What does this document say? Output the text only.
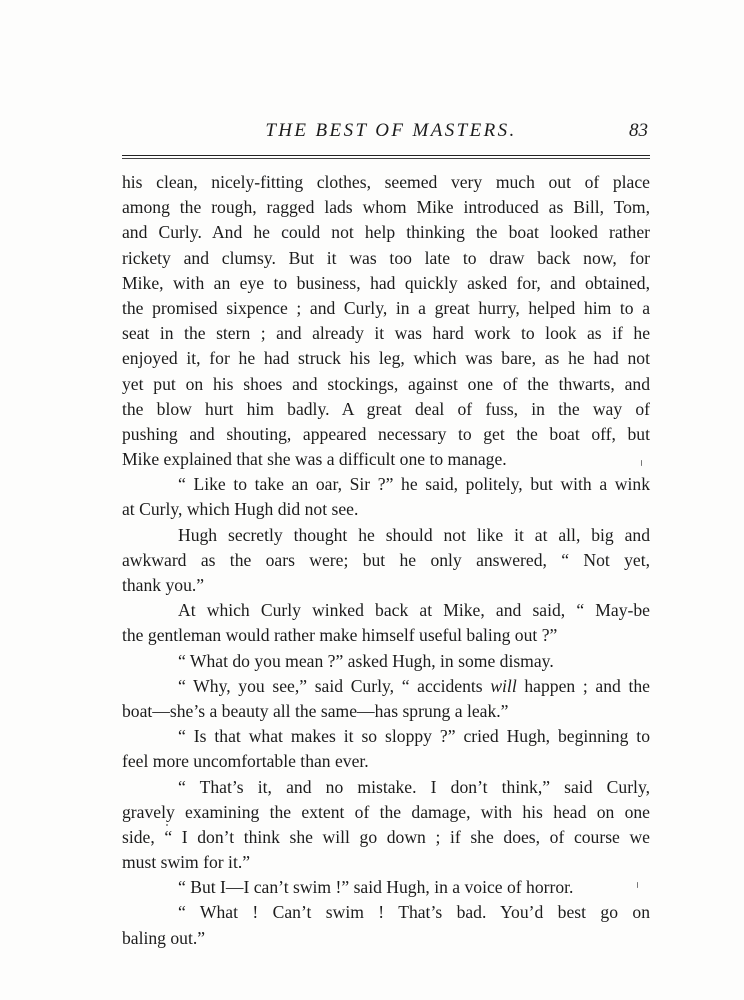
THE BEST OF MASTERS.	83
his clean, nicely-fitting clothes, seemed very much out of place
among the rough, ragged lads whom Mike introduced as Bill, Tom,
and Curly. And he could not help thinking the boat looked rather
rickety and clumsy. But it was too late to draw back now, for
Mike, with an eye to business, had quickly asked for, and obtained,
the promised sixpence ; and Curly, in a great hurry, helped him to a
seat in the stern ; and already it was hard work to look as if he
enjoyed it, for he had struck his leg, which was bare, as he had not
yet put on his shoes and stockings, against one of the thwarts, and
the blow hurt him badly. A great deal of fuss, in the way of
pushing and shouting, appeared necessary to get the boat off, but
Mike explained that she was a difficult one to manage.
“ Like to take an oar, Sir ?” he said, politely, but with a wink
at Curly, which Hugh did not see.
Hugh secretly thought he should not like it at all, big and
awkward as the oars were; but he only answered, “ Not yet,
thank you.”
At which Curly winked back at Mike, and said, “ May-be
the gentleman would rather make himself useful baling out ?”
“ What do you mean ?” asked Hugh, in some dismay.
“ Why, you see,” said Curly, “ accidents will happen ; and the
boat—she’s a beauty all the same—has sprung a leak.”
“ Is that what makes it so sloppy ?” cried Hugh, beginning to
feel more uncomfortable than ever.
“ That’s it, and no mistake. I don’t think,” said Curly,
gravely examining the extent of the damage, with his head on one
side, “ I don’t think she will go down ; if she does, of course we
must swim for it.”
“ But I—I can’t swim !” said Hugh, in a voice of horror.
“ What ! Can’t swim ! That’s bad. You’d best go on
baling out.”
